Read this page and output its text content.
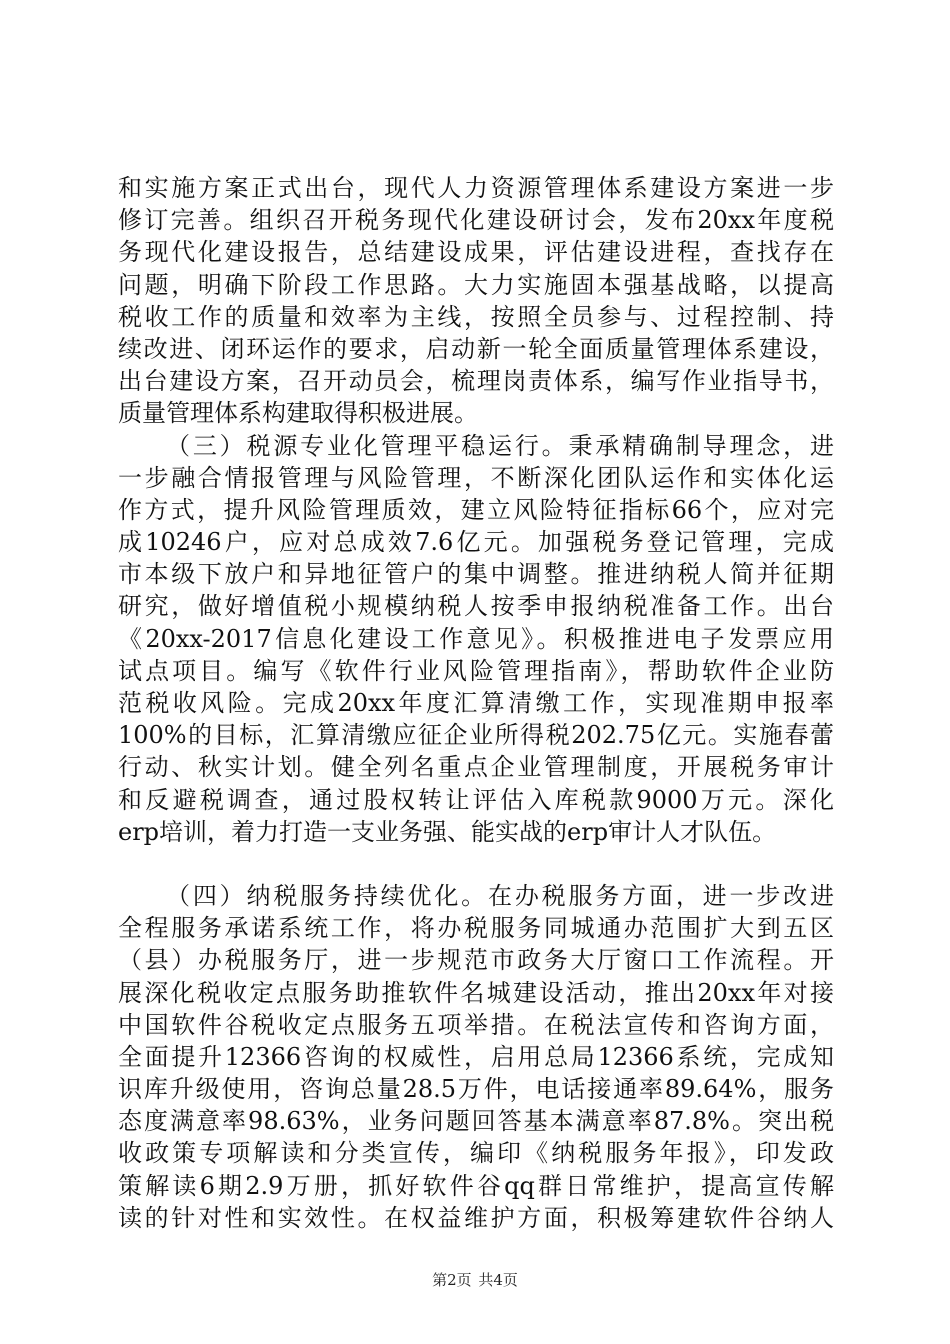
和实施方案正式出台，现代人力资源管理体系建设方案进一步
修订完善。组织召开税务现代化建设研讨会，发布20xx年度税
务现代化建设报告，总结建设成果，评估建设进程，查找存在
问题，明确下阶段工作思路。大力实施固本强基战略，以提高
税收工作的质量和效率为主线，按照全员参与、过程控制、持
续改进、闭环运作的要求，启动新一轮全面质量管理体系建设，
出台建设方案，召开动员会，梳理岗责体系，编写作业指导书，
质量管理体系构建取得积极进展。
（三）税源专业化管理平稳运行。秉承精确制导理念，进
一步融合情报管理与风险管理，不断深化团队运作和实体化运
作方式，提升风险管理质效，建立风险特征指标66个，应对完
成10246户，应对总成效7.6亿元。加强税务登记管理，完成
市本级下放户和异地征管户的集中调整。推进纳税人简并征期
研究，做好增值税小规模纳税人按季申报纳税准备工作。出台
《20xx-2017信息化建设工作意见》。积极推进电子发票应用
试点项目。编写《软件行业风险管理指南》，帮助软件企业防
范税收风险。完成20xx年度汇算清缴工作，实现准期申报率
100%的目标，汇算清缴应征企业所得税202.75亿元。实施春蕾
行动、秋实计划。健全列名重点企业管理制度，开展税务审计
和反避税调查，通过股权转让评估入库税款9000万元。深化
erp培训，着力打造一支业务强、能实战的erp审计人才队伍。
（四）纳税服务持续优化。在办税服务方面，进一步改进
全程服务承诺系统工作，将办税服务同城通办范围扩大到五区
（县）办税服务厅，进一步规范市政务大厅窗口工作流程。开
展深化税收定点服务助推软件名城建设活动，推出20xx年对接
中国软件谷税收定点服务五项举措。在税法宣传和咨询方面，
全面提升12366咨询的权威性，启用总局12366系统，完成知
识库升级使用，咨询总量28.5万件，电话接通率89.64%，服务
态度满意率98.63%，业务问题回答基本满意率87.8%。突出税
收政策专项解读和分类宣传，编印《纳税服务年报》，印发政
策解读6期2.9万册，抓好软件谷qq群日常维护，提高宣传解
读的针对性和实效性。在权益维护方面，积极筹建软件谷纳人
第2页 共4页
